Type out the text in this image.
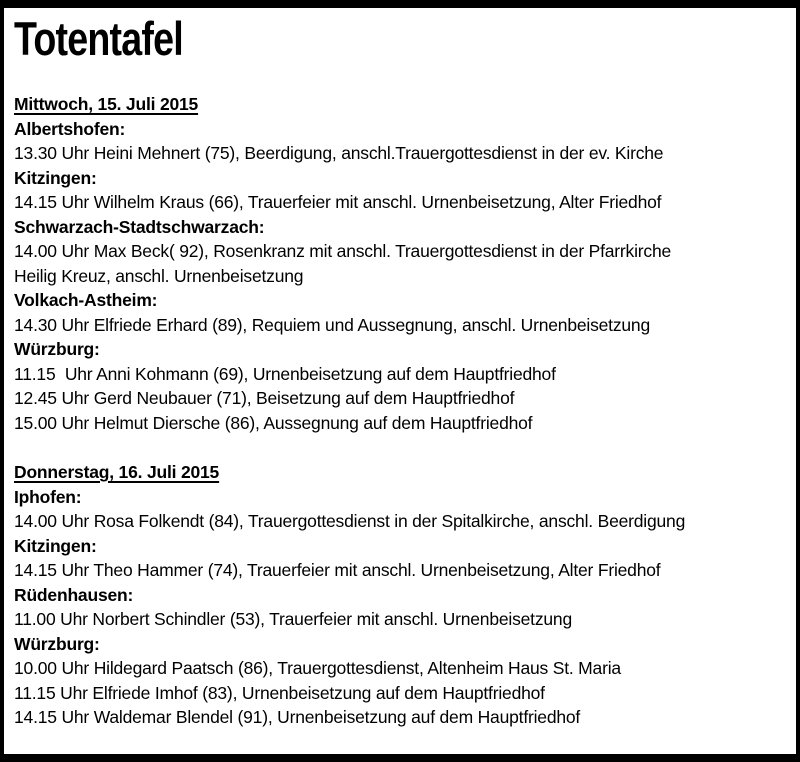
Totentafel
Mittwoch, 15. Juli 2015

Albertshofen:

13.30 Uhr Heini Mehnert (75), Beerdigung, anschl.Trauergottesdienst in der ev. Kirche

Kitzingen:

14.15 Uhr Wilhelm Kraus (66), Trauerfeier mit anschl. Urnenbeisetzung, Alter Friedhof

Schwarzach-Stadtschwarzach:

14.00 Uhr Max Beck( 92), Rosenkranz mit anschl. Trauergottesdienst in der Pfarrkirche

Heilig Kreuz, anschl. Urnenbeisetzung

Volkach-Astheim:

14.30 Uhr Elfriede Erhard (89), Requiem und Aussegnung, anschl. Urnenbeisetzung

Würzburg:

11.15  Uhr Anni Kohmann (69), Urnenbeisetzung auf dem Hauptfriedhof

12.45 Uhr Gerd Neubauer (71), Beisetzung auf dem Hauptfriedhof

15.00 Uhr Helmut Diersche (86), Aussegnung auf dem Hauptfriedhof

Donnerstag, 16. Juli 2015

Iphofen:

14.00 Uhr Rosa Folkendt (84), Trauergottesdienst in der Spitalkirche, anschl. Beerdigung

Kitzingen:

14.15 Uhr Theo Hammer (74), Trauerfeier mit anschl. Urnenbeisetzung, Alter Friedhof

Rüdenhausen:

11.00 Uhr Norbert Schindler (53), Trauerfeier mit anschl. Urnenbeisetzung

Würzburg:

10.00 Uhr Hildegard Paatsch (86), Trauergottesdienst, Altenheim Haus St. Maria

11.15 Uhr Elfriede Imhof (83), Urnenbeisetzung auf dem Hauptfriedhof

14.15 Uhr Waldemar Blendel (91), Urnenbeisetzung auf dem Hauptfriedhof
